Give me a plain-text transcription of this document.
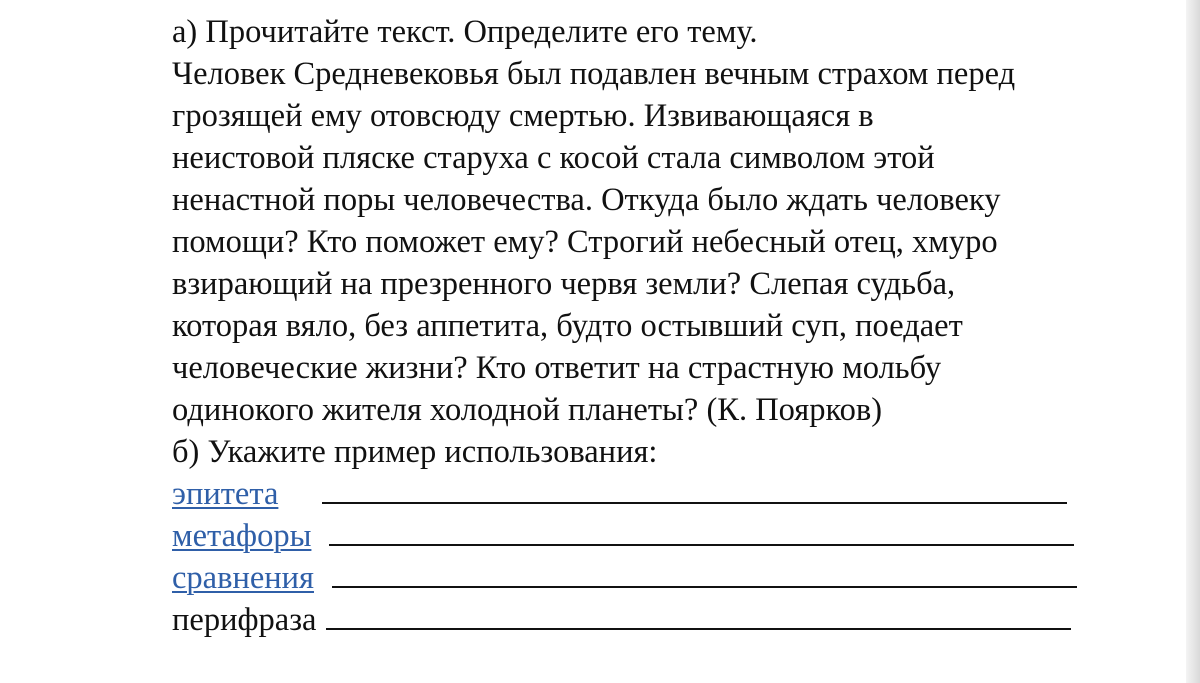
а) Прочитайте текст. Определите его тему.
Человек Средневековья был подавлен вечным страхом перед
грозящей ему отовсюду смертью. Извивающаяся в
неистовой пляске старуха с косой стала символом этой
ненастной поры человечества. Откуда было ждать человеку
помощи? Кто поможет ему? Строгий небесный отец, хмуро
взирающий на презренного червя земли? Слепая судьба,
которая вяло, без аппетита, будто остывший суп, поедает
человеческие жизни? Кто ответит на страстную мольбу
одинокого жителя холодной планеты? (К. Поярков)
б) Укажите пример использования:
эпитета
метафоры
сравнения
перифраза
